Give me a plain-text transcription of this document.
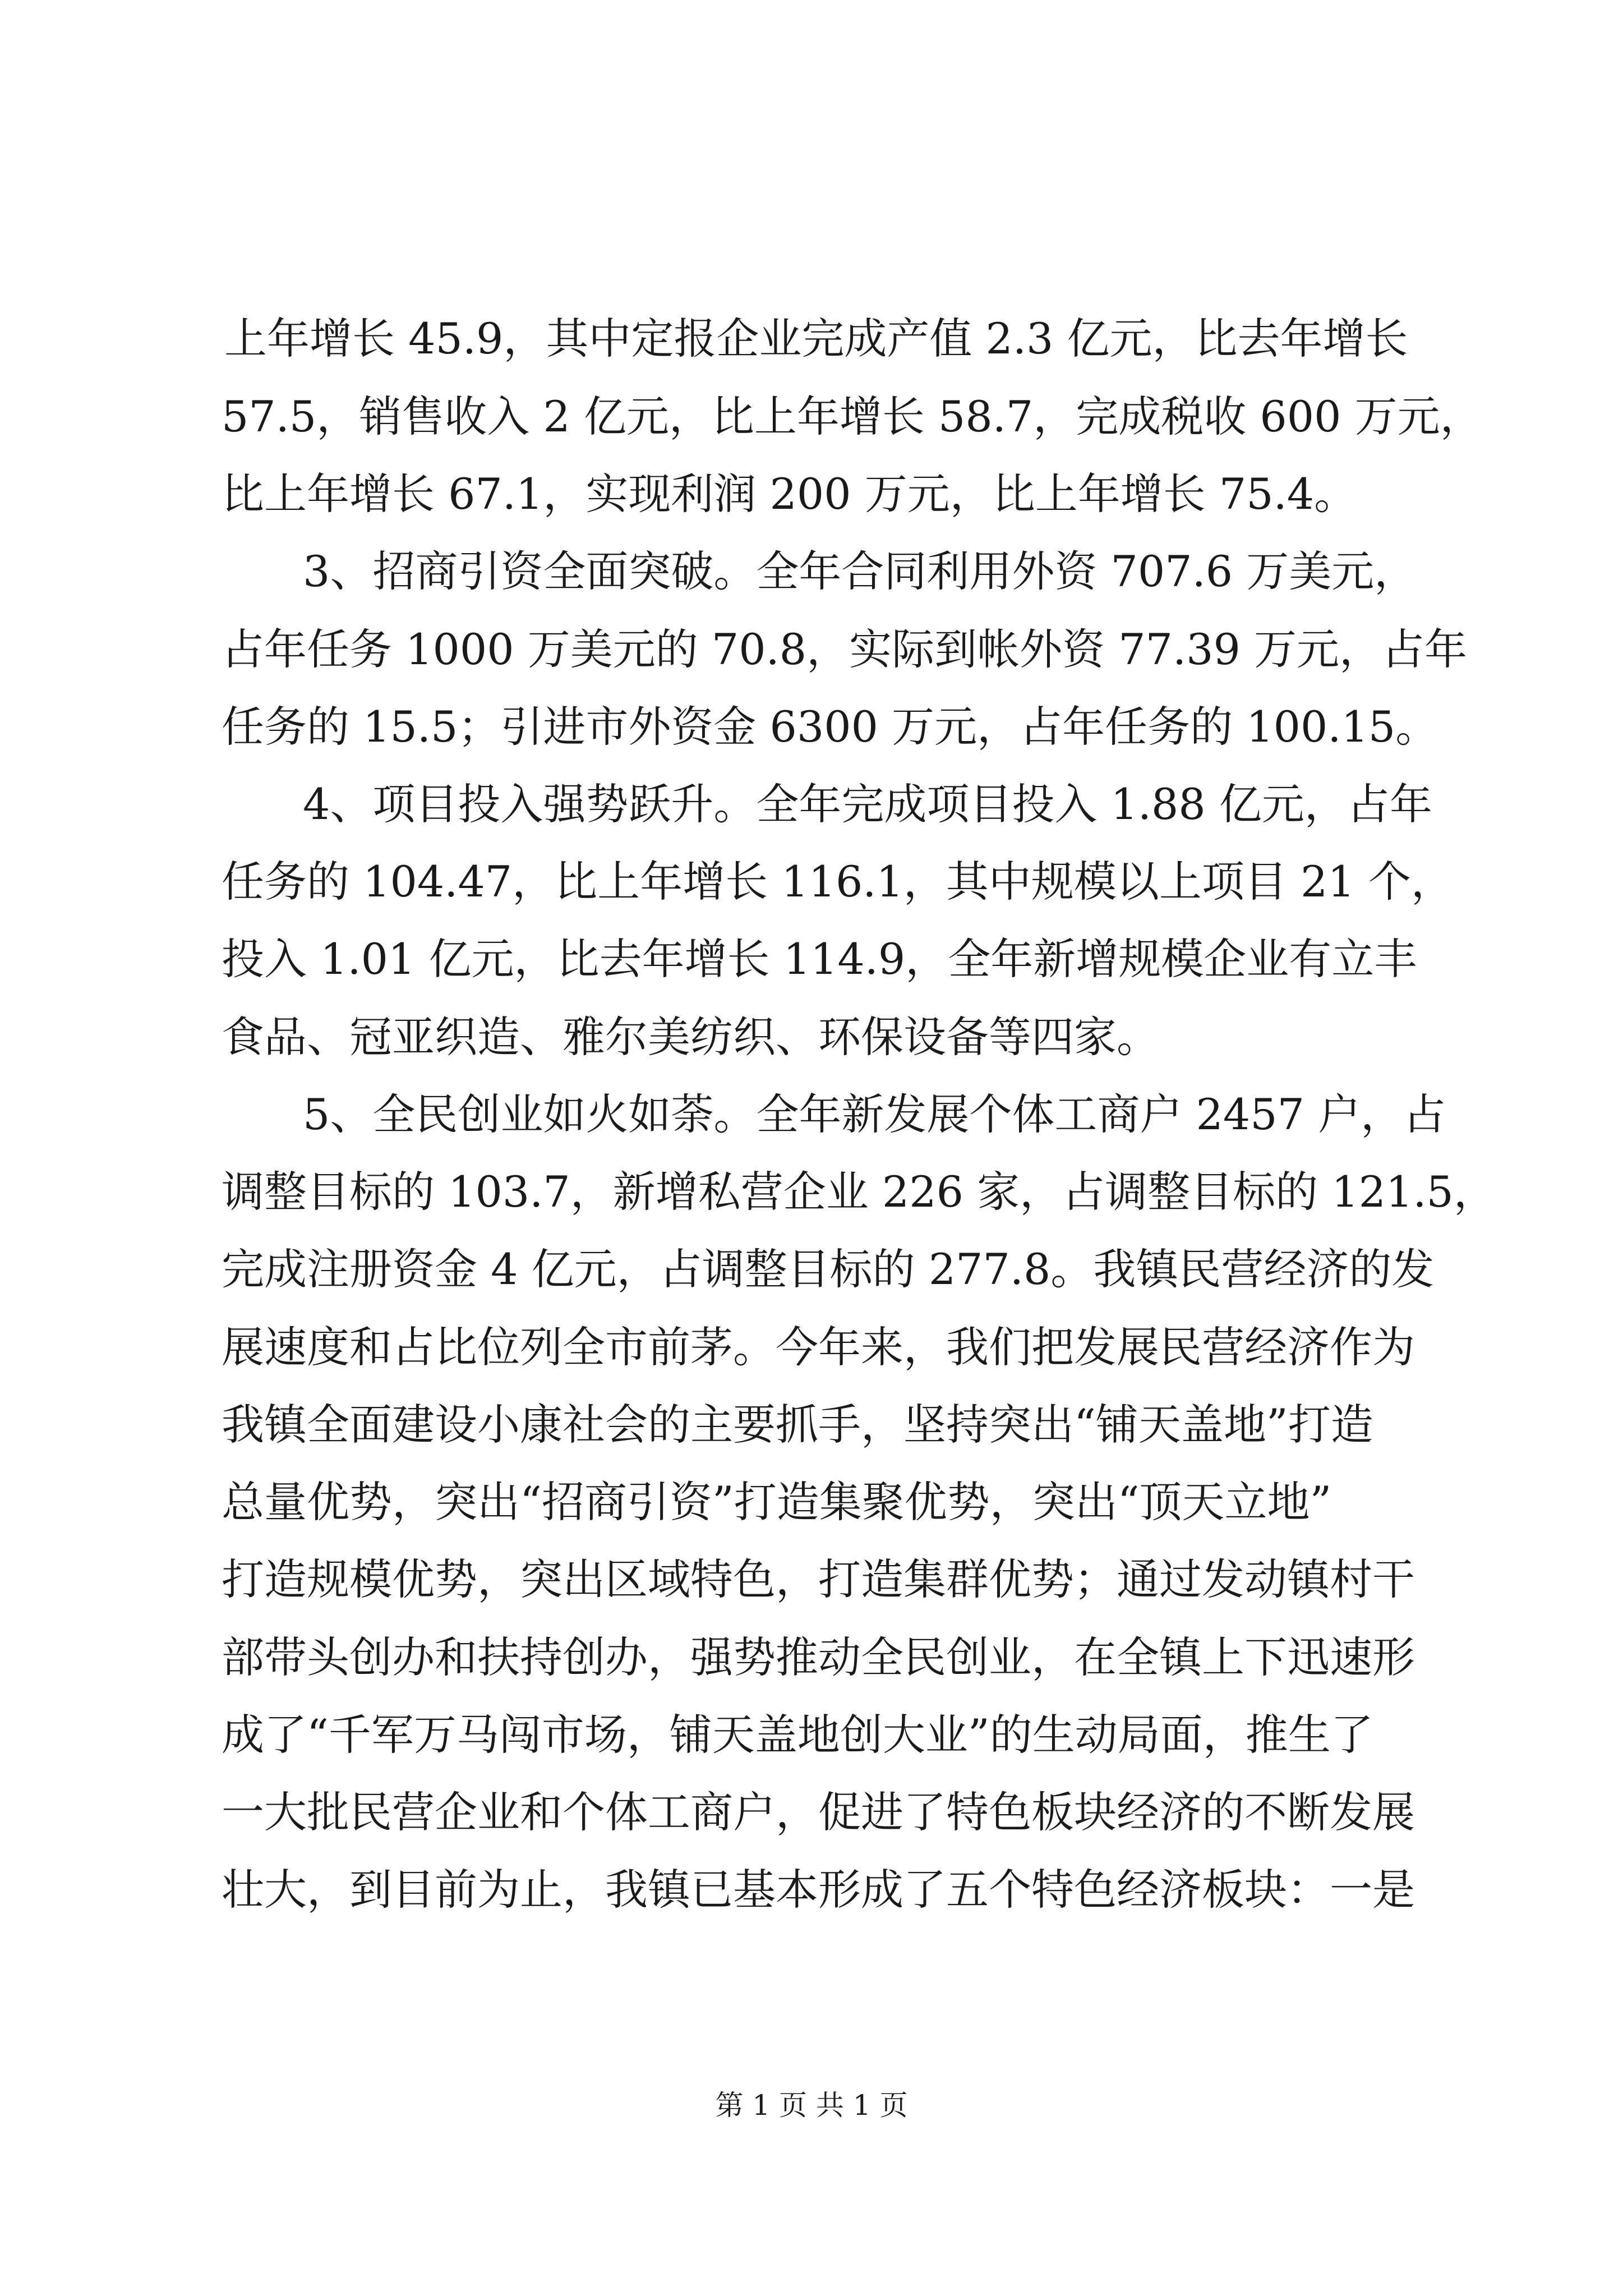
上年增长 45.9，其中定报企业完成产值 2.3 亿元，比去年增长
57.5，销售收入 2 亿元，比上年增长 58.7，完成税收 600 万元，
比上年增长 67.1，实现利润 200 万元，比上年增长 75.4。
3、招商引资全面突破。全年合同利用外资 707.6 万美元，
占年任务 1000 万美元的 70.8，实际到帐外资 77.39 万元，占年
任务的 15.5；引进市外资金 6300 万元，占年任务的 100.15。
4、项目投入强势跃升。全年完成项目投入 1.88 亿元，占年
任务的 104.47，比上年增长 116.1，其中规模以上项目 21 个，
投入 1.01 亿元，比去年增长 114.9，全年新增规模企业有立丰
食品、冠亚织造、雅尔美纺织、环保设备等四家。
5、全民创业如火如荼。全年新发展个体工商户 2457 户，占
调整目标的 103.7，新增私营企业 226 家，占调整目标的 121.5，
完成注册资金 4 亿元，占调整目标的 277.8。我镇民营经济的发
展速度和占比位列全市前茅。今年来，我们把发展民营经济作为
我镇全面建设小康社会的主要抓手，坚持突出“铺天盖地”打造
总量优势，突出“招商引资”打造集聚优势，突出“顶天立地”
打造规模优势，突出区域特色，打造集群优势；通过发动镇村干
部带头创办和扶持创办，强势推动全民创业，在全镇上下迅速形
成了“千军万马闯市场，铺天盖地创大业”的生动局面，推生了
一大批民营企业和个体工商户，促进了特色板块经济的不断发展
壮大，到目前为止，我镇已基本形成了五个特色经济板块：一是
第 1 页 共 1 页
